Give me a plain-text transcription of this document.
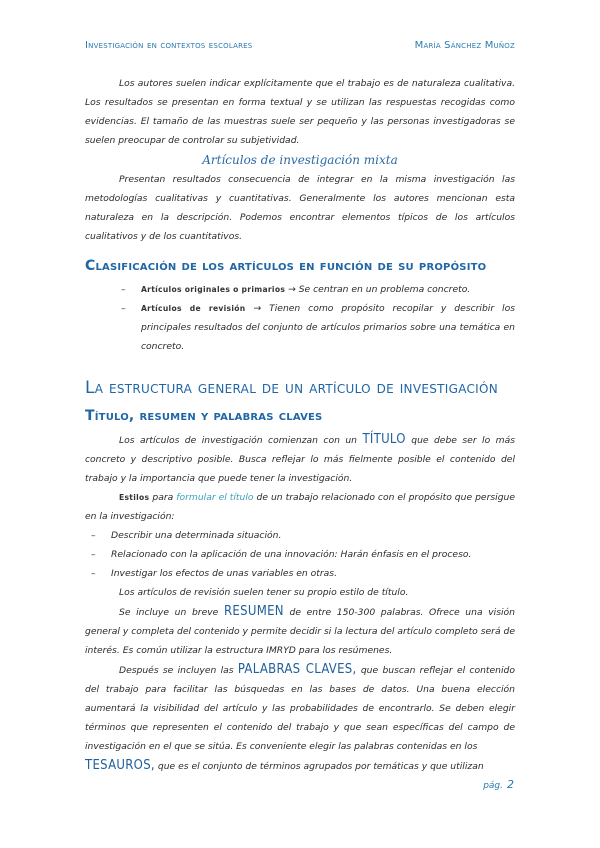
Investigación en contextos escolares	María Sánchez Muñoz

Los autores suelen indicar explícitamente que el trabajo es de naturaleza cualitativa. Los resultados se presentan en forma textual y se utilizan las respuestas recogidas como evidencias. El tamaño de las muestras suele ser pequeño y las personas investigadoras se suelen preocupar de controlar su subjetividad.

Artículos de investigación mixta

Presentan resultados consecuencia de integrar en la misma investigación las metodologías cualitativas y cuantitativas. Generalmente los autores mencionan esta naturaleza en la descripción. Podemos encontrar elementos típicos de los artículos cualitativos y de los cuantitativos.

Clasificación de los artículos en función de su propósito
– Artículos originales o primarios → Se centran en un problema concreto.
– Artículos de revisión → Tienen como propósito recopilar y describir los principales resultados del conjunto de artículos primarios sobre una temática en concreto.
La estructura general de un artículo de investigación
Título, resumen y palabras claves

Los artículos de investigación comienzan con un TÍTULO que debe ser lo más concreto y descriptivo posible. Busca reflejar lo más fielmente posible el contenido del trabajo y la importancia que puede tener la investigación.

Estilos para formular el título de un trabajo relacionado con el propósito que persigue en la investigación:

– Describir una determinada situación.
– Relacionado con la aplicación de una innovación: Harán énfasis en el proceso.
– Investigar los efectos de unas variables en otras.

Los artículos de revisión suelen tener su propio estilo de título.

Se incluye un breve RESUMEN de entre 150-300 palabras. Ofrece una visión general y completa del contenido y permite decidir si la lectura del artículo completo será de interés. Es común utilizar la estructura IMRYD para los resúmenes.

Después se incluyen las PALABRAS CLAVES, que buscan reflejar el contenido del trabajo para facilitar las búsquedas en las bases de datos. Una buena elección aumentará la visibilidad del artículo y las probabilidades de encontrarlo. Se deben elegir términos que representen el contenido del trabajo y que sean específicas del campo de investigación en el que se sitúa. Es conveniente elegir las palabras contenidas en los

TESAUROS, que es el conjunto de términos agrupados por temáticas y que utilizan

pág. 2
